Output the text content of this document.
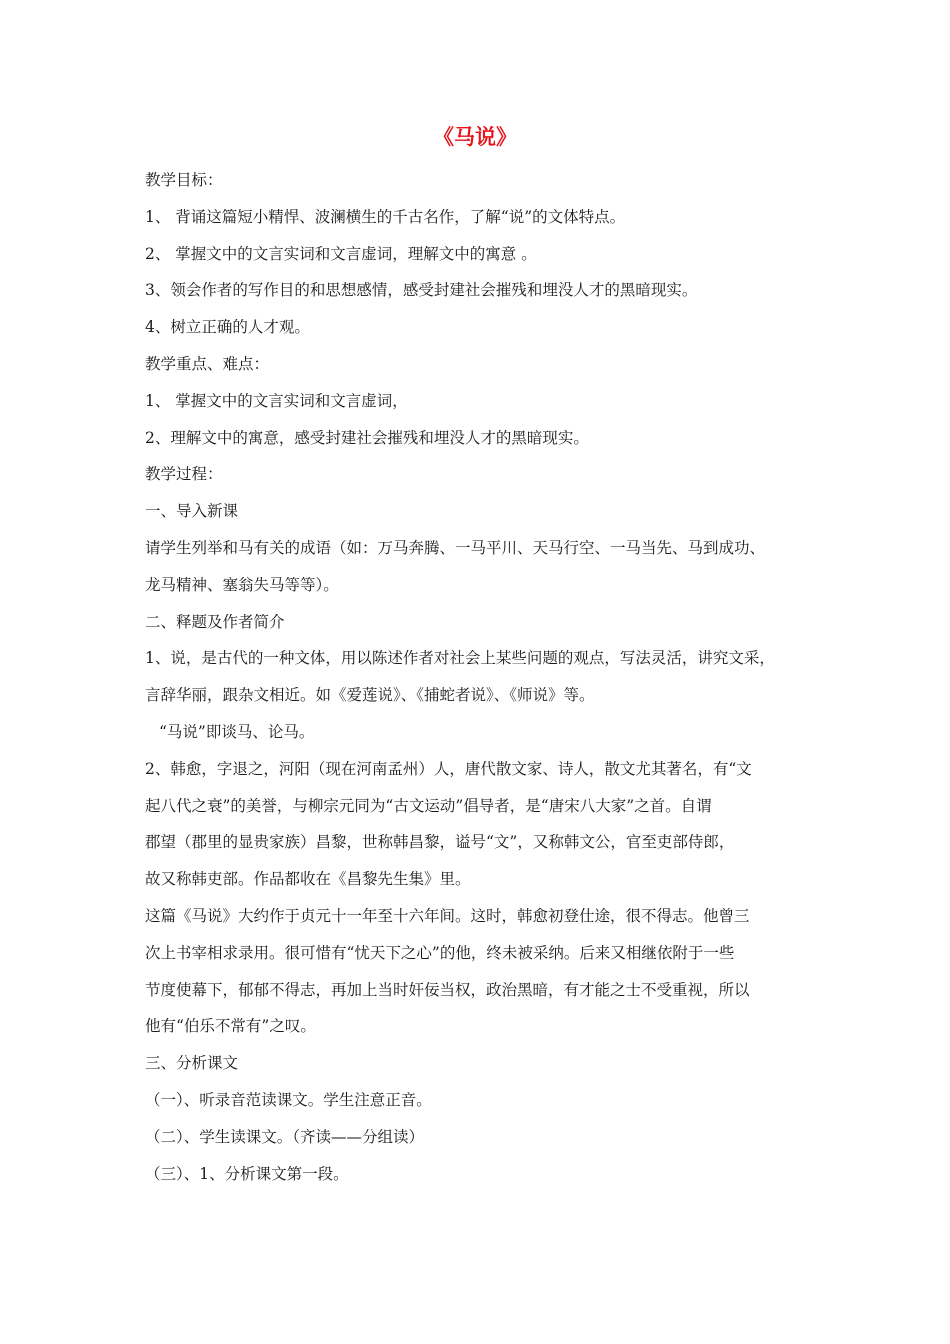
《马说》

教学目标：

1、 背诵这篇短小精悍、波澜横生的千古名作，了解“说”的文体特点。

2、 掌握文中的文言实词和文言虚词，理解文中的寓意 。

3、领会作者的写作目的和思想感情，感受封建社会摧残和埋没人才的黑暗现实。

4、树立正确的人才观。

教学重点、难点：

1、 掌握文中的文言实词和文言虚词，

2、理解文中的寓意，感受封建社会摧残和埋没人才的黑暗现实。

教学过程：

一、导入新课

请学生列举和马有关的成语（如：万马奔腾、一马平川、天马行空、一马当先、马到成功、

龙马精神、塞翁失马等等）。

二、释题及作者简介

1、说，是古代的一种文体，用以陈述作者对社会上某些问题的观点，写法灵活，讲究文采，

言辞华丽，跟杂文相近。如《爱莲说》、《捕蛇者说》、《师说》等。

“马说”即谈马、论马。

2、韩愈，字退之，河阳（现在河南孟州）人，唐代散文家、诗人，散文尤其著名，有“文

起八代之衰”的美誉，与柳宗元同为“古文运动”倡导者，是“唐宋八大家”之首。自谓

郡望（郡里的显贵家族）昌黎，世称韩昌黎，谥号“文”，又称韩文公，官至吏部侍郎，

故又称韩吏部。作品都收在《昌黎先生集》里。

这篇《马说》大约作于贞元十一年至十六年间。这时，韩愈初登仕途，很不得志。他曾三

次上书宰相求录用。很可惜有“忧天下之心”的他，终未被采纳。后来又相继依附于一些

节度使幕下，郁郁不得志，再加上当时奸佞当权，政治黑暗，有才能之士不受重视，所以

他有“伯乐不常有”之叹。

三、分析课文

（一）、听录音范读课文。学生注意正音。

（二）、学生读课文。（齐读——分组读）

（三）、1、分析课文第一段。
